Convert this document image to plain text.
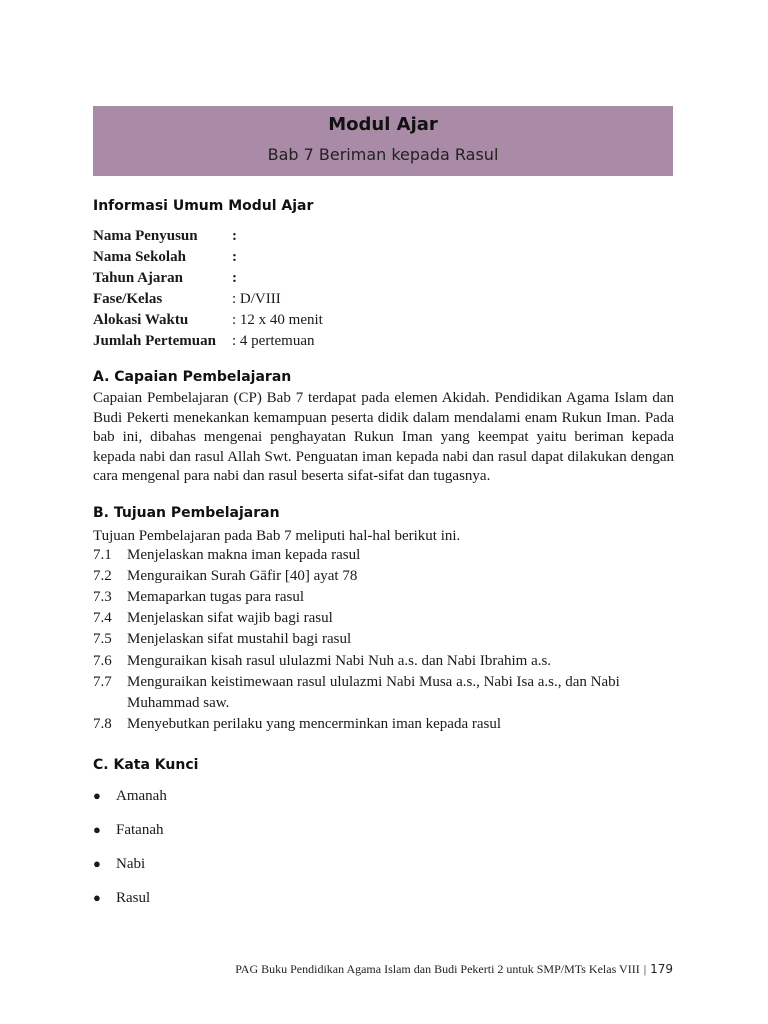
Modul Ajar
Bab 7 Beriman kepada Rasul
Informasi Umum Modul Ajar
Nama Penyusun :
Nama Sekolah	:
Tahun Ajaran	:
Fase/Kelas	: D/VIII
Alokasi Waktu	: 12 x 40 menit
Jumlah Pertemuan : 4 pertemuan
A. Capaian Pembelajaran
Capaian Pembelajaran (CP) Bab 7 terdapat pada elemen Akidah. Pendidikan Agama Islam dan Budi Pekerti menekankan kemampuan peserta didik dalam mendalami enam Rukun Iman. Pada bab ini, dibahas mengenai penghayatan Rukun Iman yang keempat yaitu beriman kepada kepada nabi dan rasul Allah Swt. Penguatan iman kepada nabi dan rasul dapat dilakukan dengan cara mengenal para nabi dan rasul beserta sifat-sifat dan tugasnya.
B. Tujuan Pembelajaran
Tujuan Pembelajaran pada Bab 7 meliputi hal-hal berikut ini.
7.1 Menjelaskan makna iman kepada rasul
7.2 Menguraikan Surah Gāfir [40] ayat 78
7.3 Memaparkan tugas para rasul
7.4 Menjelaskan sifat wajib bagi rasul
7.5 Menjelaskan sifat mustahil bagi rasul
7.6 Menguraikan kisah rasul ululazmi Nabi Nuh a.s. dan Nabi Ibrahim a.s.
7.7 Menguraikan keistimewaan rasul ululazmi Nabi Musa a.s., Nabi Isa a.s., dan Nabi
Muhammad saw.
7.8 Menyebutkan perilaku yang mencerminkan iman kepada rasul
C. Kata Kunci
● Amanah
● Fatanah
● Nabi
● Rasul
PAG Buku Pendidikan Agama Islam dan Budi Pekerti 2 untuk SMP/MTs Kelas VIII | 179
